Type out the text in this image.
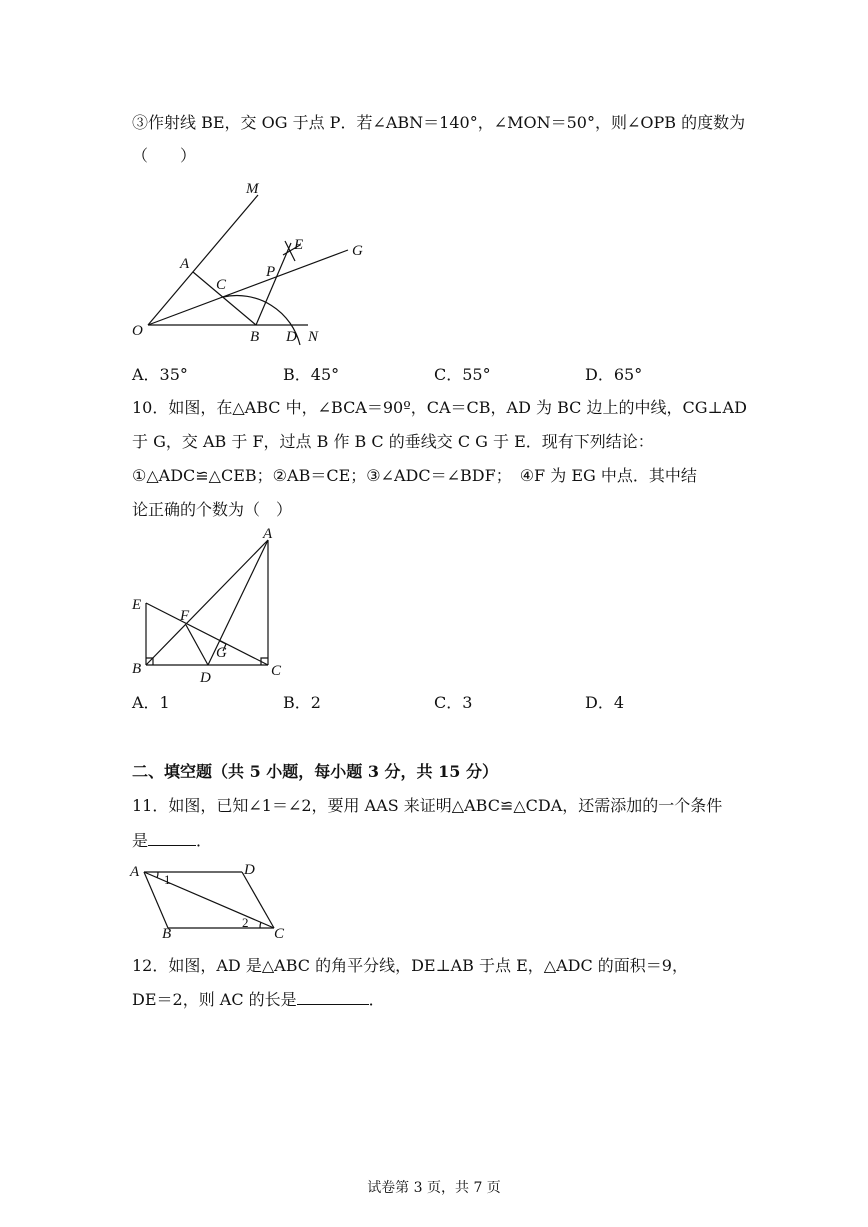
③作射线 BE，交 OG 于点 P．若∠ABN＝140°，∠MON＝50°，则∠OPB 的度数为
（　　）
M
A
E	G
C
P
O	B D N
A．35°	B．45°	C．55°	D．65°
10．如图，在△ABC 中，∠BCA＝90º，CA＝CB，AD 为 BC 边上的中线，CG⊥AD
于 G，交 AB 于 F，过点 B 作 B C 的垂线交 C G 于 E．现有下列结论：
①△ADC≌△CEB；②AB＝CE；③∠ADC＝∠BDF；　④F 为 EG 中点．其中结
论正确的个数为（　）
A
E
F
G
B
D	C
A．1	B．2	C．3	D．4
二、填空题（共 5 小题，每小题 3 分，共 15 分）
11．如图，已知∠1＝∠2，要用 AAS 来证明△ABC≌△CDA，还需添加的一个条件
是	．
A	D
B	C
1
2
12．如图，AD 是△ABC 的角平分线，DE⊥AB 于点 E，△ADC 的面积＝9，
DE＝2，则 AC 的长是	．
试卷第 3 页，共 7 页
